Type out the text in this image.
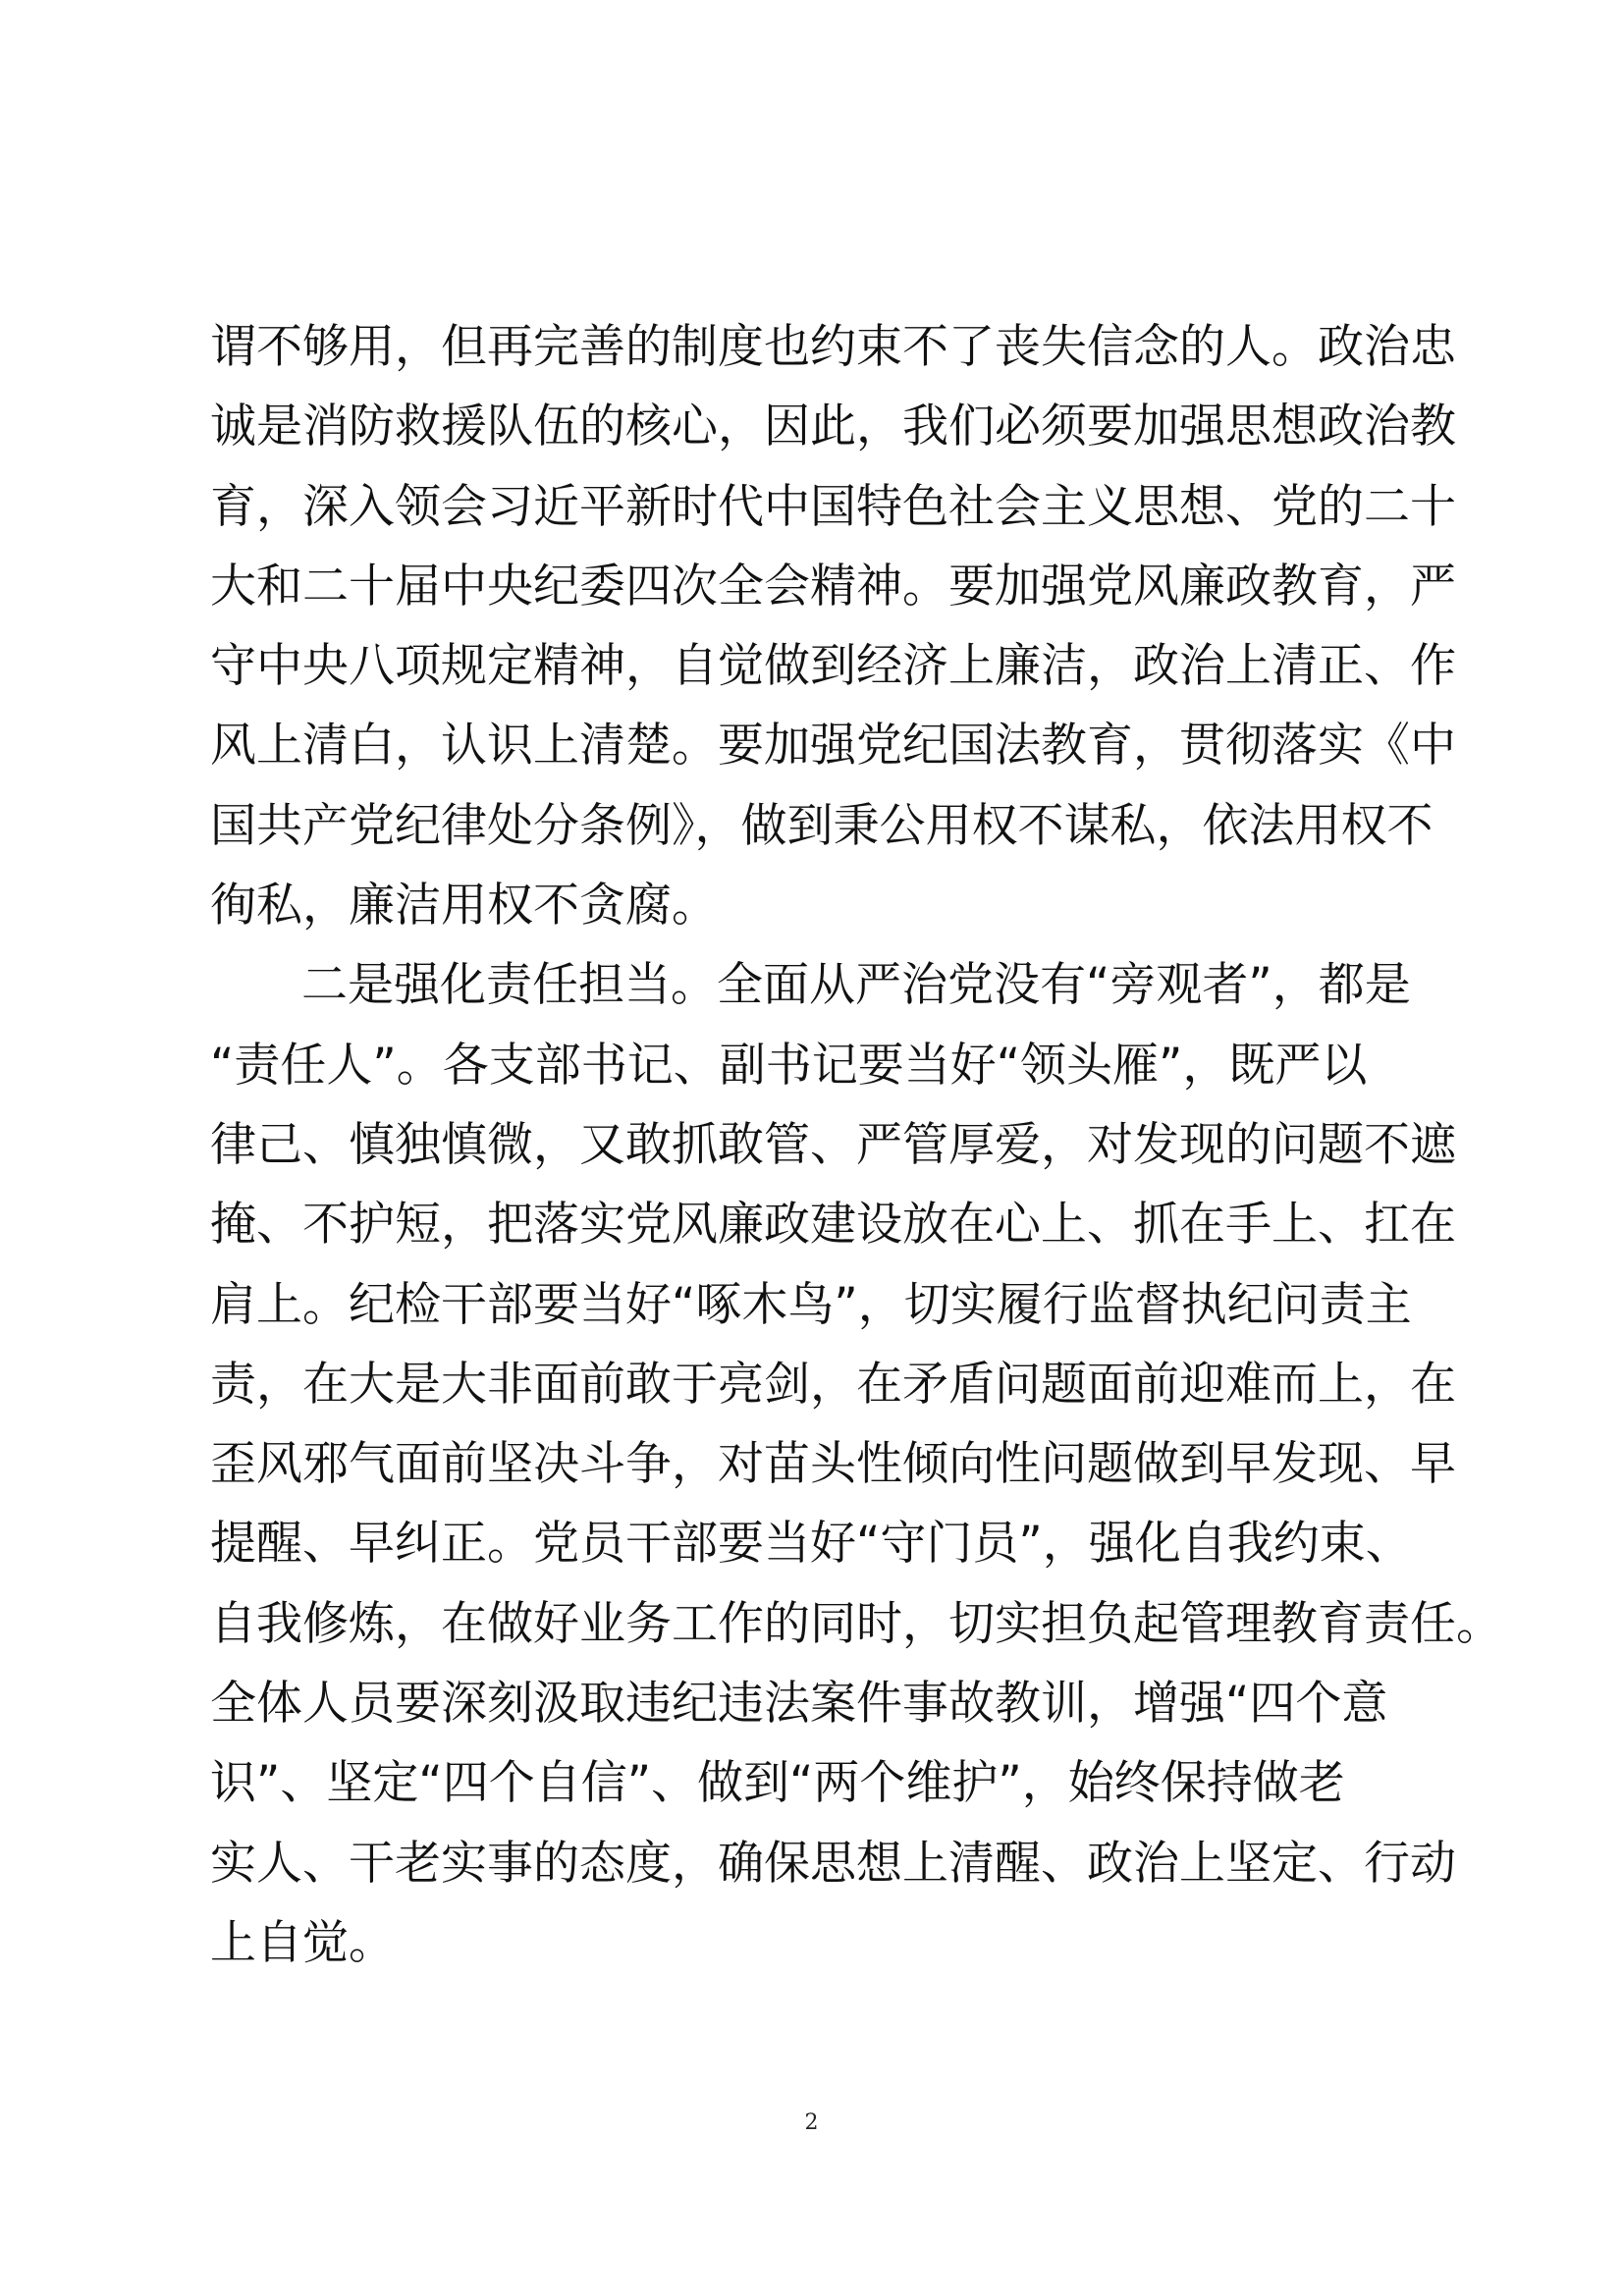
谓不够用，但再完善的制度也约束不了丧失信念的人。政治忠
诚是消防救援队伍的核心，因此，我们必须要加强思想政治教
育，深入领会习近平新时代中国特色社会主义思想、党的二十
大和二十届中央纪委四次全会精神。要加强党风廉政教育，严
守中央八项规定精神，自觉做到经济上廉洁，政治上清正、作
风上清白，认识上清楚。要加强党纪国法教育，贯彻落实《中
国共产党纪律处分条例》，做到秉公用权不谋私，依法用权不
徇私，廉洁用权不贪腐。
二是强化责任担当。全面从严治党没有“旁观者”，都是
“责任人”。各支部书记、副书记要当好“领头雁”，既严以
律己、慎独慎微，又敢抓敢管、严管厚爱，对发现的问题不遮
掩、不护短，把落实党风廉政建设放在心上、抓在手上、扛在
肩上。纪检干部要当好“啄木鸟”，切实履行监督执纪问责主
责，在大是大非面前敢于亮剑，在矛盾问题面前迎难而上，在
歪风邪气面前坚决斗争，对苗头性倾向性问题做到早发现、早
提醒、早纠正。党员干部要当好“守门员”，强化自我约束、
自我修炼，在做好业务工作的同时，切实担负起管理教育责任。
全体人员要深刻汲取违纪违法案件事故教训，增强“四个意
识”、坚定“四个自信”、做到“两个维护”，始终保持做老
实人、干老实事的态度，确保思想上清醒、政治上坚定、行动
上自觉。
2
